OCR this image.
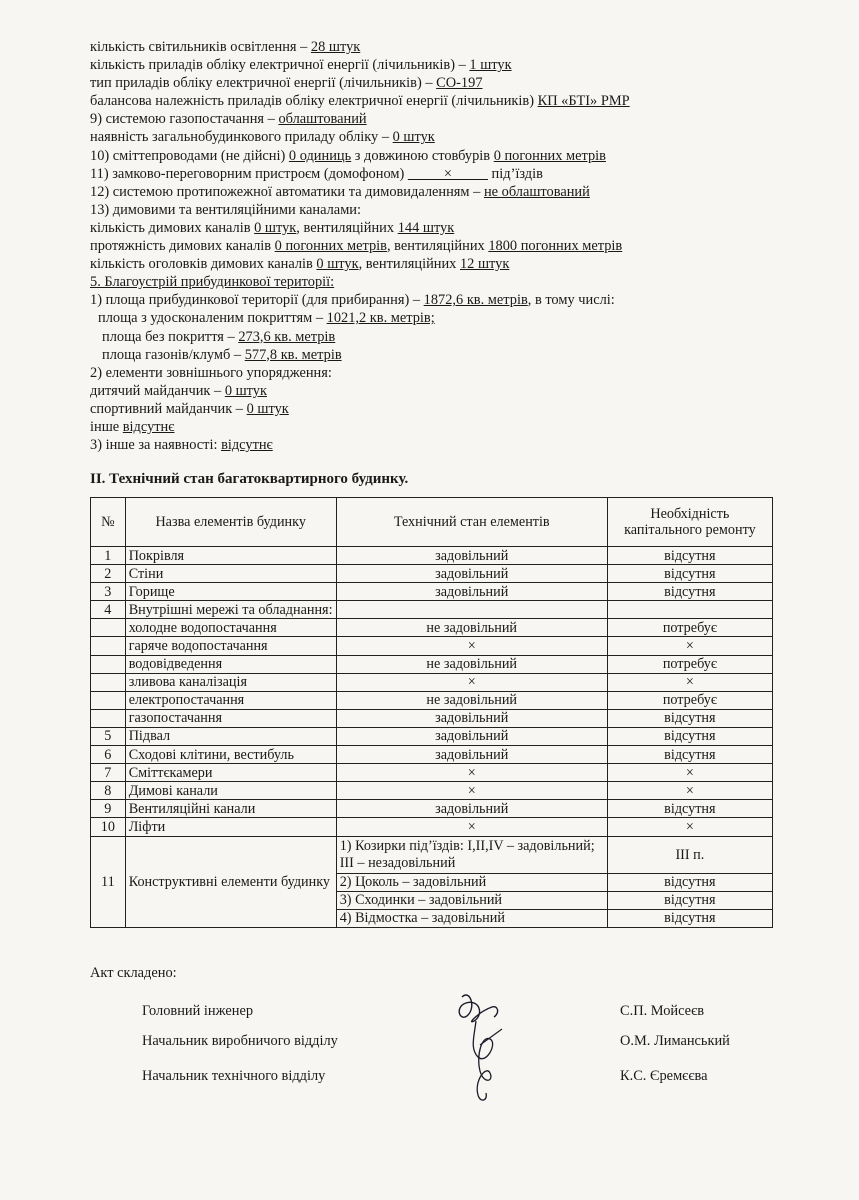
кількість світильників освітлення – 28 штук
кількість приладів обліку електричної енергії (лічильників) – 1 штук
тип приладів обліку електричної енергії (лічильників) – СО-197
балансова належність приладів обліку електричної енергії (лічильників) КП «БТІ» РМР
9) системою газопостачання – облаштований
наявність загальнобудинкового приладу обліку – 0 штук
10) сміттепроводами (не дійсні) 0 одиниць з довжиною стовбурів 0 погонних метрів
11) замково-переговорним пристроєм (домофоном)           ×           під’їздів
12) системою протипожежної автоматики та димовидаленням – не облаштований
13) димовими та вентиляційними каналами:
кількість димових каналів 0 штук, вентиляційних 144 штук
протяжність димових каналів 0 погонних метрів, вентиляційних 1800 погонних метрів
кількість оголовків димових каналів 0 штук, вентиляційних 12 штук
5. Благоустрій прибудинкової території:
1) площа прибудинкової території (для прибирання) – 1872,6 кв. метрів, в тому числі:
площа з удосконаленим покриттям – 1021,2 кв. метрів;
площа без покриття – 273,6 кв. метрів
площа газонів/клумб – 577,8 кв. метрів
2) елементи зовнішнього упорядження:
дитячий майданчик – 0 штук
спортивний майданчик – 0 штук
інше відсутнє
3) інше за наявності: відсутнє
ІІ. Технічний стан багатоквартирного будинку.
№	Назва елементів будинку	Технічний стан елементів	Необхідність капітального ремонту
1	Покрівля	задовільний	відсутня
2	Стіни	задовільний	відсутня
3	Горище	задовільний	відсутня
4	Внутрішні мережі та обладнання:		
	холодне водопостачання	не задовільний	потребує
	гаряче водопостачання	×	×
	водовідведення	не задовільний	потребує
	зливова каналізація	×	×
	електропостачання	не задовільний	потребує
	газопостачання	задовільний	відсутня
5	Підвал	задовільний	відсутня
6	Сходові клітини, вестибуль	задовільний	відсутня
7	Сміттєкамери	×	×
8	Димові канали	×	×
9	Вентиляційні канали	задовільний	відсутня
10	Ліфти	×	×
11	Конструктивні елементи будинку	1) Козирки під’їздів: І,ІІ,ІV – задовільний; ІІІ – незадовільний	ІІІ п.
		2) Цоколь – задовільний	відсутня
		3) Сходинки – задовільний	відсутня
		4) Відмостка – задовільний	відсутня
Акт складено:
Головний інженер	С.П. Мойсеєв
Начальник виробничого відділу	О.М. Лиманський
Начальник технічного відділу	К.С. Єремєєва
